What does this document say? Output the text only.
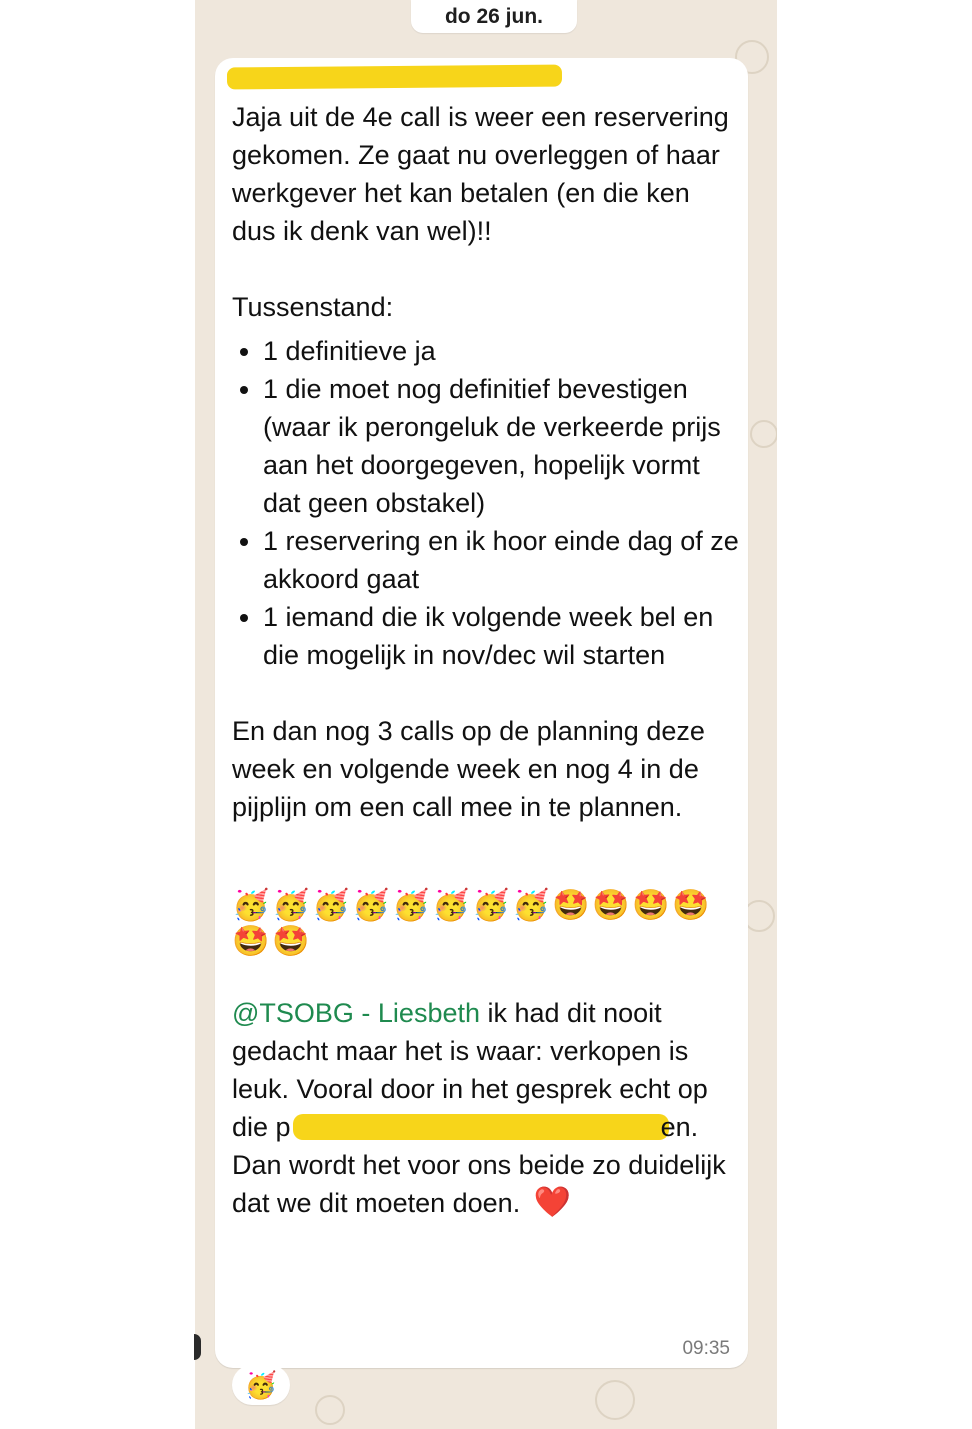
do 26 jun.

Jaja uit de 4e call is weer een reservering gekomen. Ze gaat nu overleggen of haar werkgever het kan betalen (en die ken dus ik denk van wel)!!

Tussenstand:

• 1 definitieve ja
• 1 die moet nog definitief bevestigen (waar ik perongeluk de verkeerde prijs aan het doorgegeven, hopelijk vormt dat geen obstakel)
• 1 reservering en ik hoor einde dag of ze akkoord gaat
• 1 iemand die ik volgende week bel en die mogelijk in nov/dec wil starten

En dan nog 3 calls op de planning deze week en volgende week en nog 4 in de pijplijn om een call mee in te plannen.

🥳🥳🥳🥳🥳🥳🥳🥳🤩🤩🤩🤩
🤩🤩

@TSOBG - Liesbeth ik had dit nooit gedacht maar het is waar: verkopen is leuk. Vooral door in het gesprek echt op die p	en. Dan wordt het voor ons beide zo duidelijk dat we dit moeten doen. ❤️

09:35
🥳
